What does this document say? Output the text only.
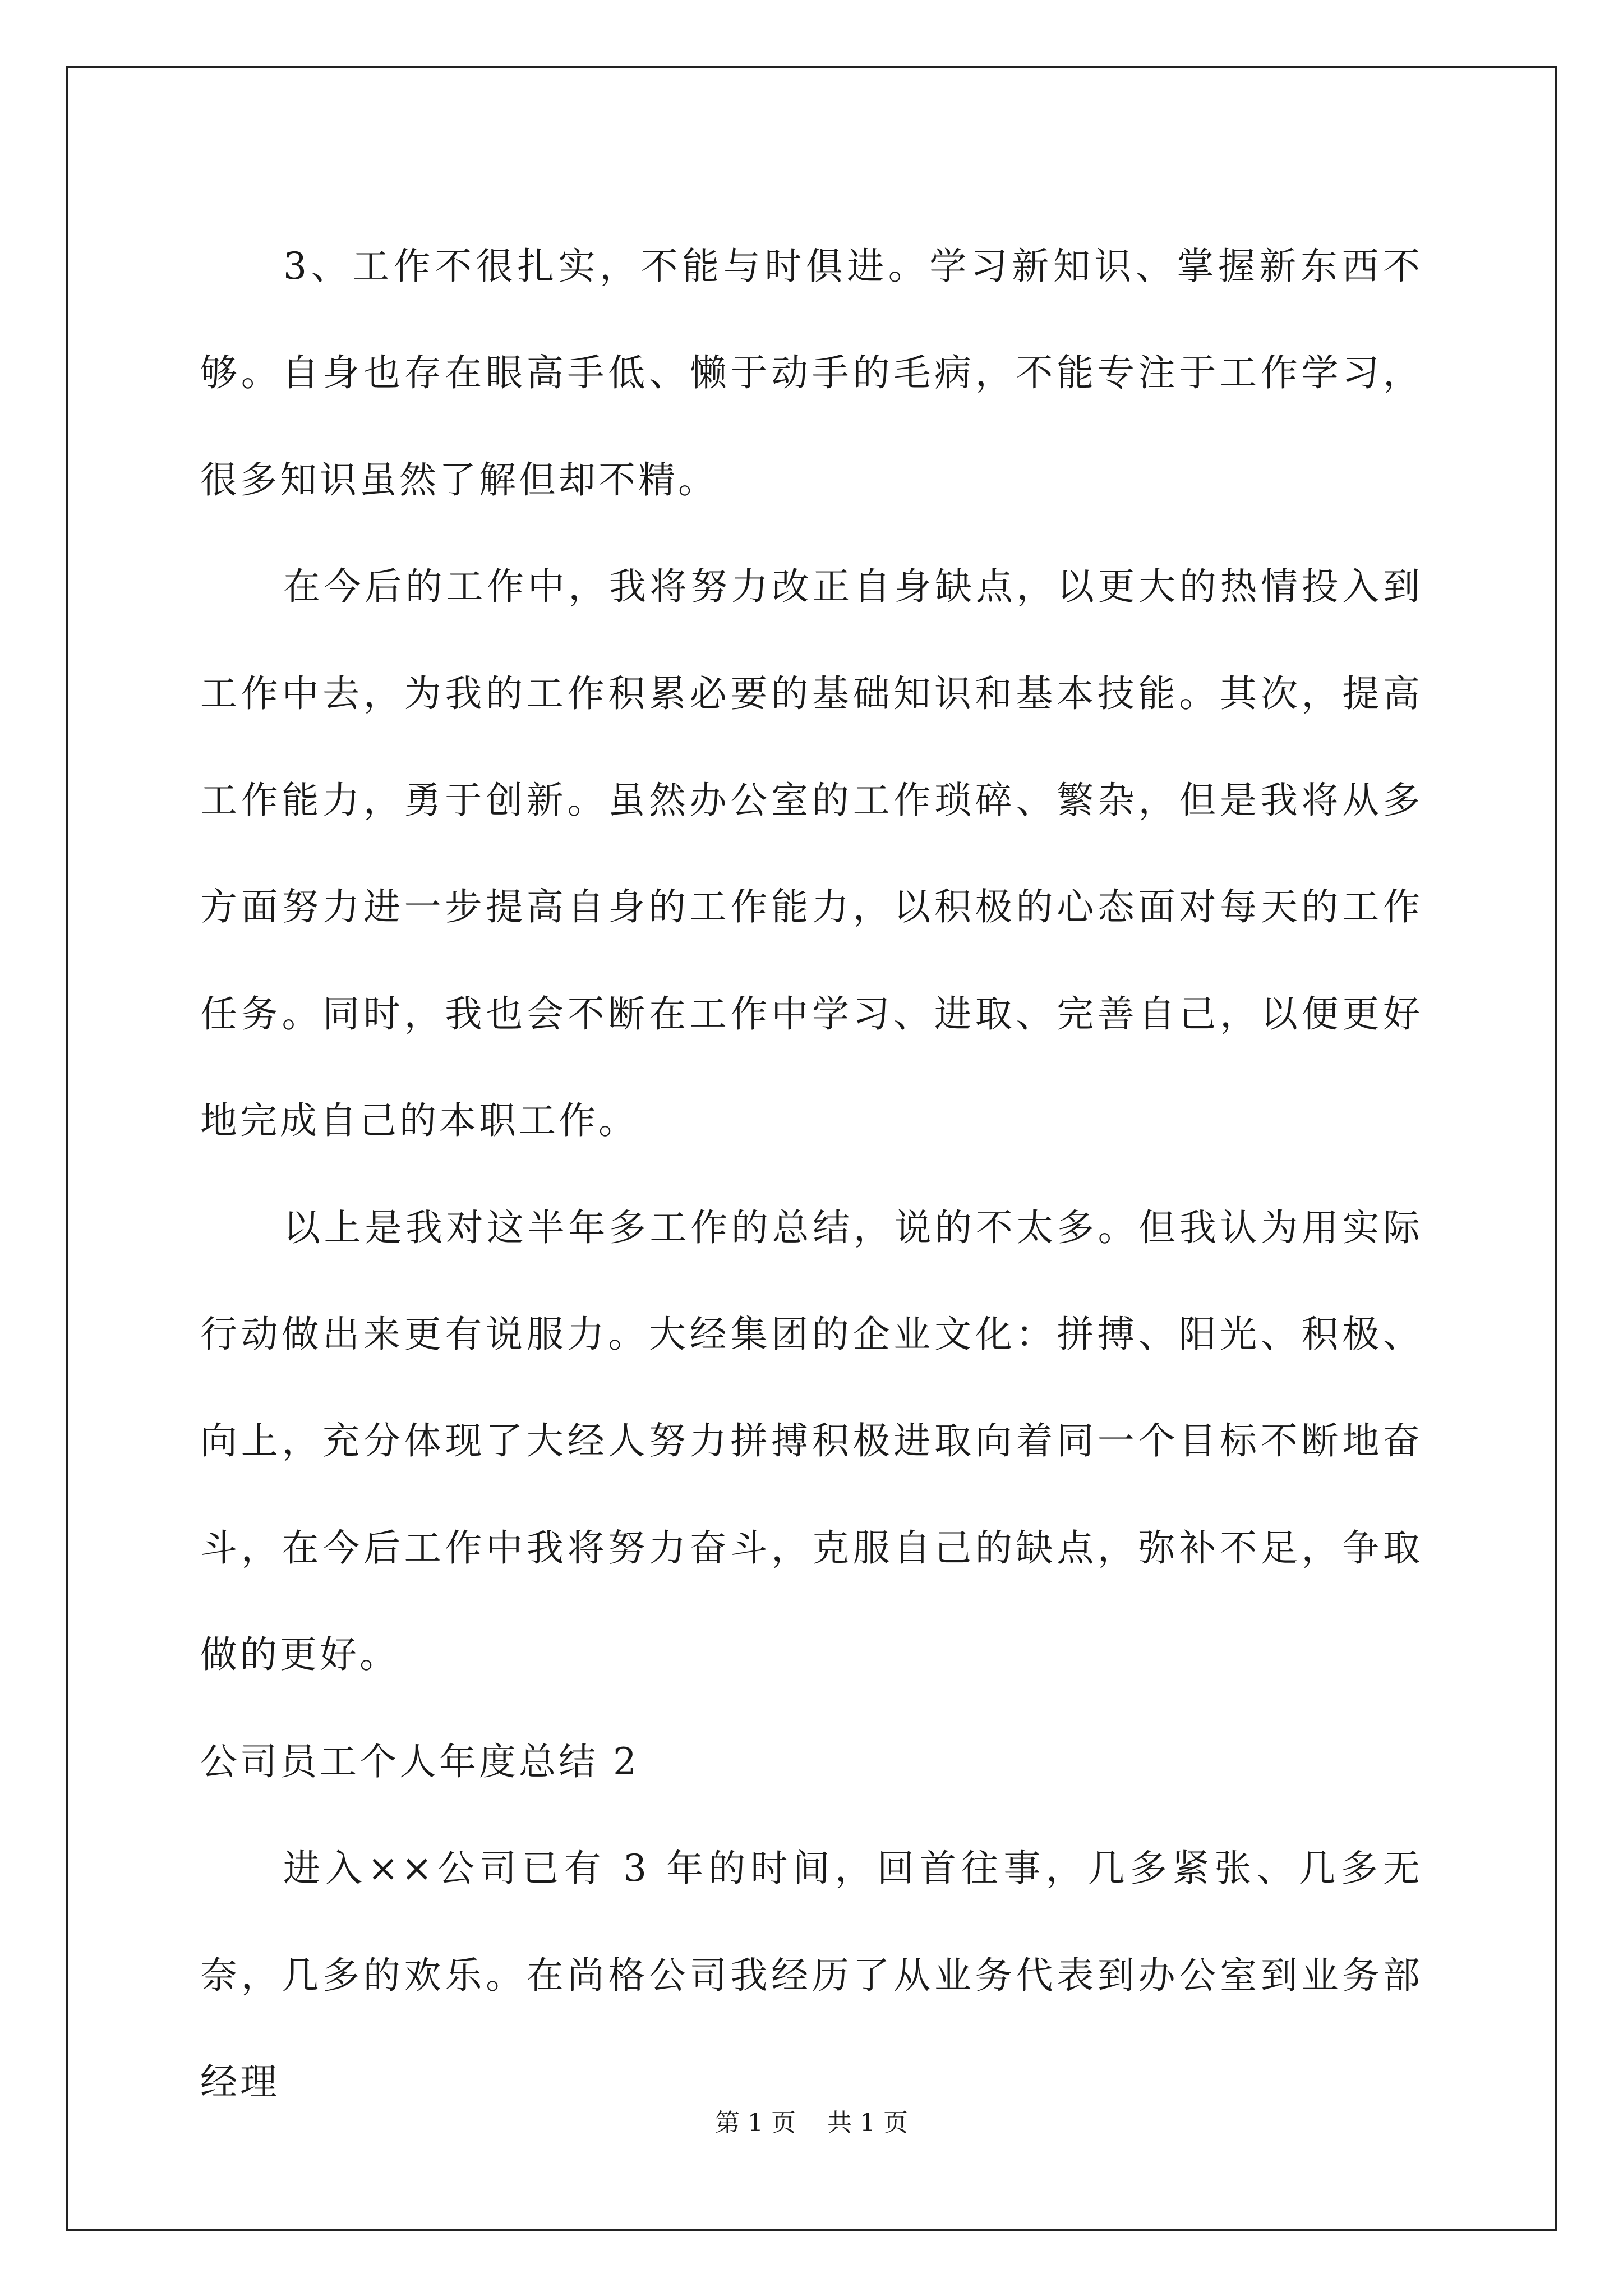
3、工作不很扎实，不能与时俱进。学习新知识、掌握新东西不够。自身也存在眼高手低、懒于动手的毛病，不能专注于工作学习，很多知识虽然了解但却不精。

在今后的工作中，我将努力改正自身缺点，以更大的热情投入到工作中去，为我的工作积累必要的基础知识和基本技能。其次，提高工作能力，勇于创新。虽然办公室的工作琐碎、繁杂，但是我将从多方面努力进一步提高自身的工作能力，以积极的心态面对每天的工作任务。同时，我也会不断在工作中学习、进取、完善自己，以便更好地完成自己的本职工作。

以上是我对这半年多工作的总结，说的不太多。但我认为用实际行动做出来更有说服力。大经集团的企业文化：拼搏、阳光、积极、向上，充分体现了大经人努力拼搏积极进取向着同一个目标不断地奋斗，在今后工作中我将努力奋斗，克服自己的缺点，弥补不足，争取做的更好。

公司员工个人年度总结 2

进入××公司已有 3 年的时间，回首往事，几多紧张、几多无奈，几多的欢乐。在尚格公司我经历了从业务代表到办公室到业务部经理

第 1 页 共 1 页
